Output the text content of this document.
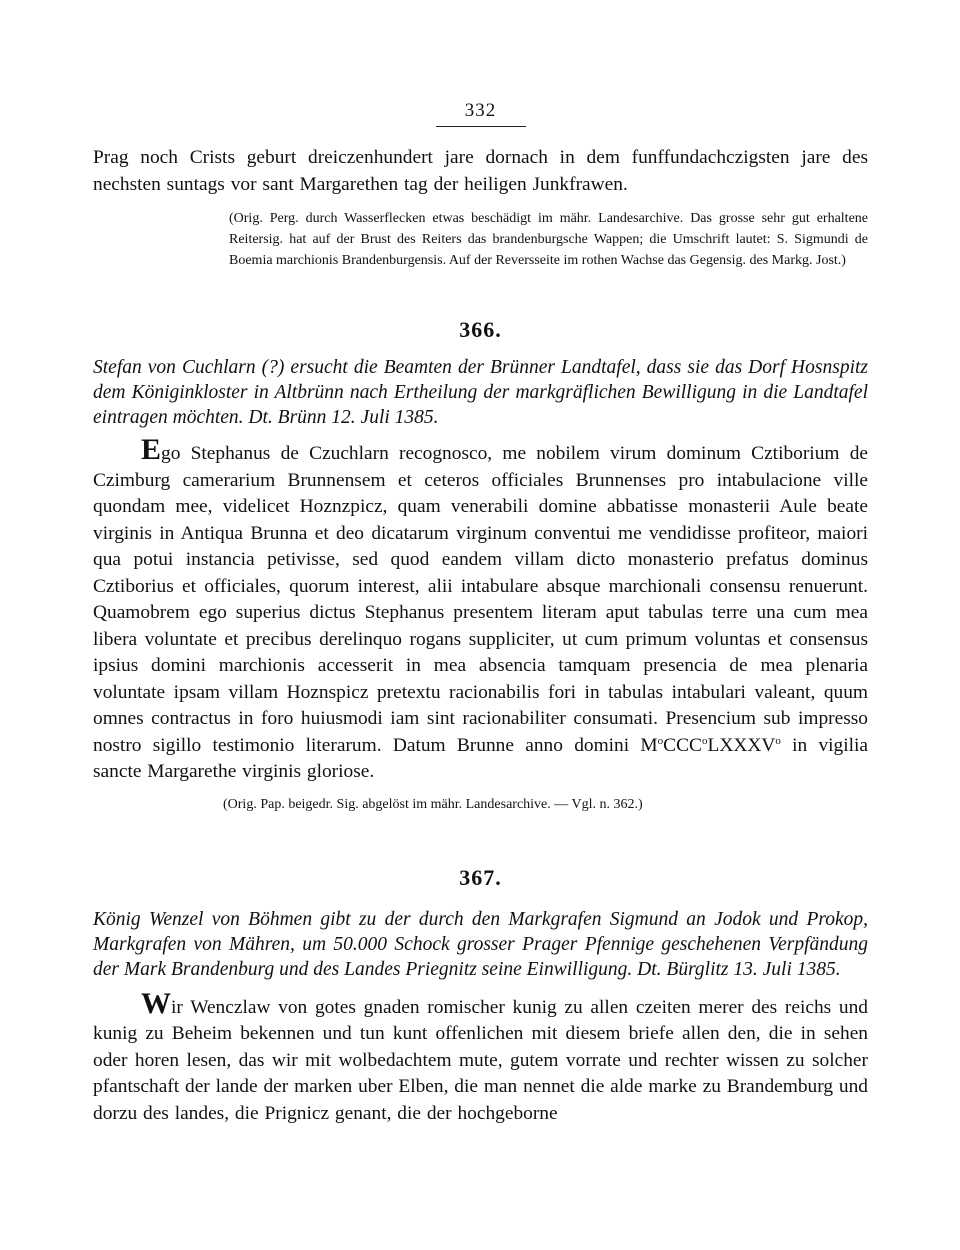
332

Prag noch Crists geburt dreiczenhundert jare dornach in dem funffundachczigsten jare des nechsten suntags vor sant Margarethen tag der heiligen Junkfrawen.

(Orig. Perg. durch Wasserflecken etwas beschädigt im mähr. Landesarchive. Das grosse sehr gut erhaltene Reitersig. hat auf der Brust des Reiters das brandenburgsche Wappen; die Umschrift lautet: S. Sigmundi de Boemia marchionis Brandenburgensis. Auf der Reversseite im rothen Wachse das Gegensig. des Markg. Jost.)

366.

Stefan von Cuchlarn (?) ersucht die Beamten der Brünner Landtafel, dass sie das Dorf Hosnspitz dem Königinkloster in Altbrünn nach Ertheilung der markgräflichen Bewilligung in die Landtafel eintragen möchten. Dt. Brünn 12. Juli 1385.

Ego Stephanus de Czuchlarn recognosco, me nobilem virum dominum Cztiborium de Czimburg camerarium Brunnensem et ceteros officiales Brunnenses pro intabulacione ville quondam mee, videlicet Hoznzpicz, quam venerabili domine abbatisse monasterii Aule beate virginis in Antiqua Brunna et deo dicatarum virginum conventui me vendidisse profiteor, maiori qua potui instancia petivisse, sed quod eandem villam dicto monasterio prefatus dominus Cztiborius et officiales, quorum interest, alii intabulare absque marchionali consensu renuerunt. Quamobrem ego superius dictus Stephanus presentem literam aput tabulas terre una cum mea libera voluntate et precibus derelinquo rogans suppliciter, ut cum primum voluntas et consensus ipsius domini marchionis accesserit in mea absencia tamquam presencia de mea plenaria voluntate ipsam villam Hoznspicz pretextu racionabilis fori in tabulas intabulari valeant, quum omnes contractus in foro huiusmodi iam sint racionabiliter consumati. Presencium sub impresso nostro sigillo testimonio literarum. Datum Brunne anno domini $M^oCCC^oLXXXV^o$ in vigilia sancte Margarethe virginis gloriose.

(Orig. Pap. beigedr. Sig. abgelöst im mähr. Landesarchive. — Vgl. n. 362.)

367.

König Wenzel von Böhmen gibt zu der durch den Markgrafen Sigmund an Jodok und Prokop, Markgrafen von Mähren, um 50.000 Schock grosser Prager Pfennige geschehenen Verpfändung der Mark Brandenburg und des Landes Priegnitz seine Einwilligung. Dt. Bürglitz 13. Juli 1385.

Wir Wenczlaw von gotes gnaden romischer kunig zu allen czeiten merer des reichs und kunig zu Beheim bekennen und tun kunt offenlichen mit diesem briefe allen den, die in sehen oder horen lesen, das wir mit wolbedachtem mute, gutem vorrate und rechter wissen zu solcher pfantschaft der lande der marken uber Elben, die man nennet die alde marke zu Brandemburg und dorzu des landes, die Prignicz genant, die der hochgeborne
